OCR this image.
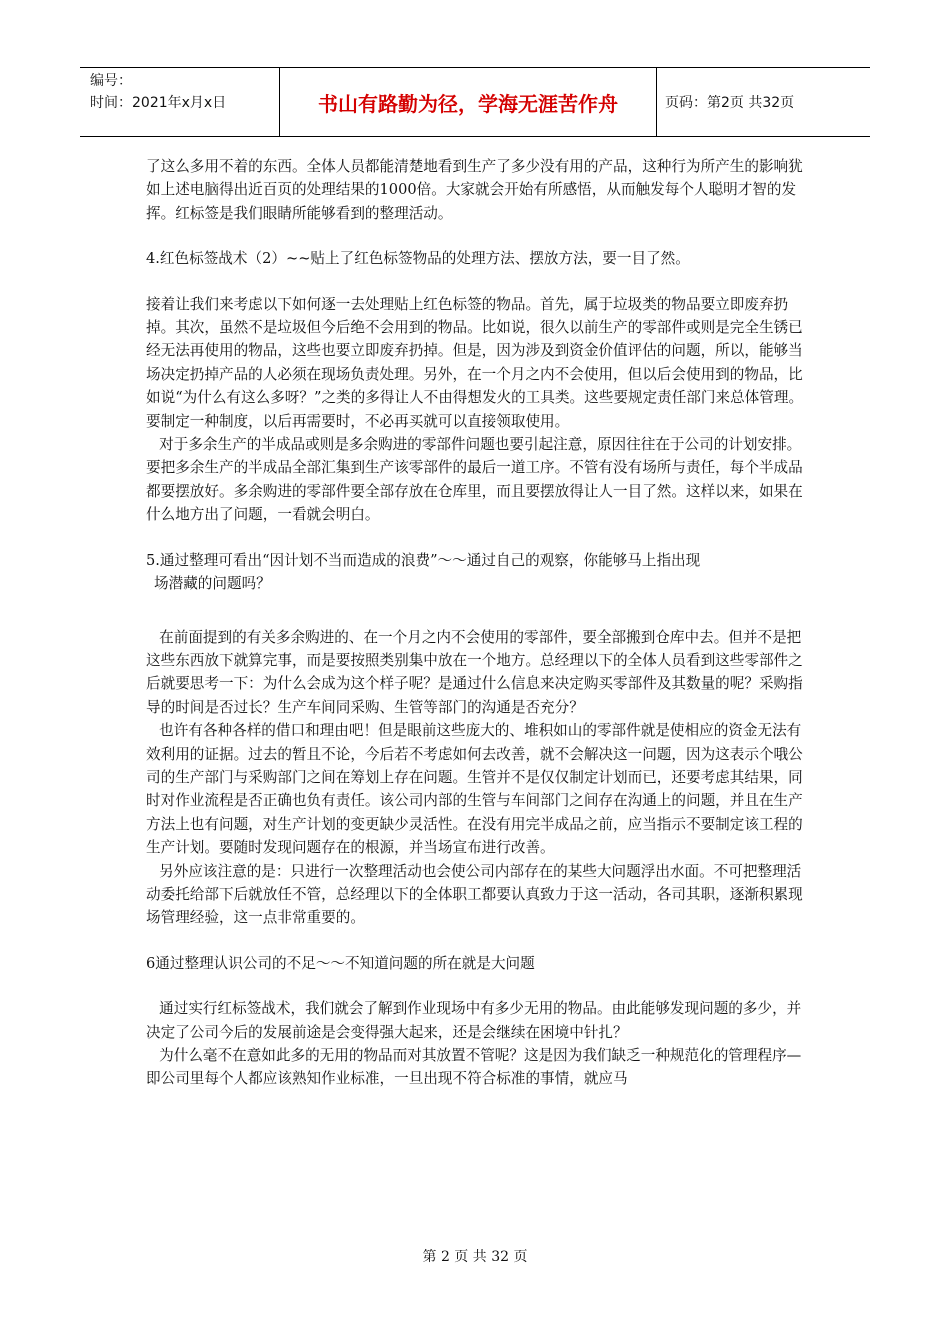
编号：
时间：2021年x月x日	书山有路勤为径，学海无涯苦作舟	页码：第2页 共32页

了这么多用不着的东西。全体人员都能清楚地看到生产了多少没有用的产品，这种行为所产生的影响犹如上述电脑得出近百页的处理结果的1000倍。大家就会开始有所感悟，从而触发每个人聪明才智的发挥。红标签是我们眼睛所能够看到的整理活动。

4.红色标签战术（2）~~贴上了红色标签物品的处理方法、摆放方法，要一目了然。

接着让我们来考虑以下如何逐一去处理贴上红色标签的物品。首先，属于垃圾类的物品要立即废弃扔掉。其次，虽然不是垃圾但今后绝不会用到的物品。比如说，很久以前生产的零部件或则是完全生锈已经无法再使用的物品，这些也要立即废弃扔掉。但是，因为涉及到资金价值评估的问题，所以，能够当场决定扔掉产品的人必须在现场负责处理。另外，在一个月之内不会使用，但以后会使用到的物品，比如说“为什么有这么多呀？”之类的多得让人不由得想发火的工具类。这些要规定责任部门来总体管理。要制定一种制度，以后再需要时，不必再买就可以直接领取使用。

对于多余生产的半成品或则是多余购进的零部件问题也要引起注意，原因往往在于公司的计划安排。要把多余生产的半成品全部汇集到生产该零部件的最后一道工序。不管有没有场所与责任，每个半成品都要摆放好。多余购进的零部件要全部存放在仓库里，而且要摆放得让人一目了然。这样以来，如果在什么地方出了问题，一看就会明白。

5.通过整理可看出“因计划不当而造成的浪费”～～通过自己的观察，你能够马上指出现
场潜藏的问题吗？

在前面提到的有关多余购进的、在一个月之内不会使用的零部件，要全部搬到仓库中去。但并不是把这些东西放下就算完事，而是要按照类别集中放在一个地方。总经理以下的全体人员看到这些零部件之后就要思考一下：为什么会成为这个样子呢？是通过什么信息来决定购买零部件及其数量的呢？采购指导的时间是否过长？生产车间同采购、生管等部门的沟通是否充分？

也许有各种各样的借口和理由吧！但是眼前这些庞大的、堆积如山的零部件就是使相应的资金无法有效利用的证据。过去的暂且不论，今后若不考虑如何去改善，就不会解决这一问题，因为这表示个哦公司的生产部门与采购部门之间在筹划上存在问题。生管并不是仅仅制定计划而已，还要考虑其结果，同时对作业流程是否正确也负有责任。该公司内部的生管与车间部门之间存在沟通上的问题，并且在生产方法上也有问题，对生产计划的变更缺少灵活性。在没有用完半成品之前，应当指示不要制定该工程的生产计划。要随时发现问题存在的根源，并当场宣布进行改善。

另外应该注意的是：只进行一次整理活动也会使公司内部存在的某些大问题浮出水面。不可把整理活动委托给部下后就放任不管，总经理以下的全体职工都要认真致力于这一活动，各司其职，逐渐积累现场管理经验，这一点非常重要的。

6通过整理认识公司的不足～～不知道问题的所在就是大问题

通过实行红标签战术，我们就会了解到作业现场中有多少无用的物品。由此能够发现问题的多少，并决定了公司今后的发展前途是会变得强大起来，还是会继续在困境中针扎？

为什么毫不在意如此多的无用的物品而对其放置不管呢？这是因为我们缺乏一种规范化的管理程序—即公司里每个人都应该熟知作业标准，一旦出现不符合标准的事情，就应马

第 2 页 共 32 页
